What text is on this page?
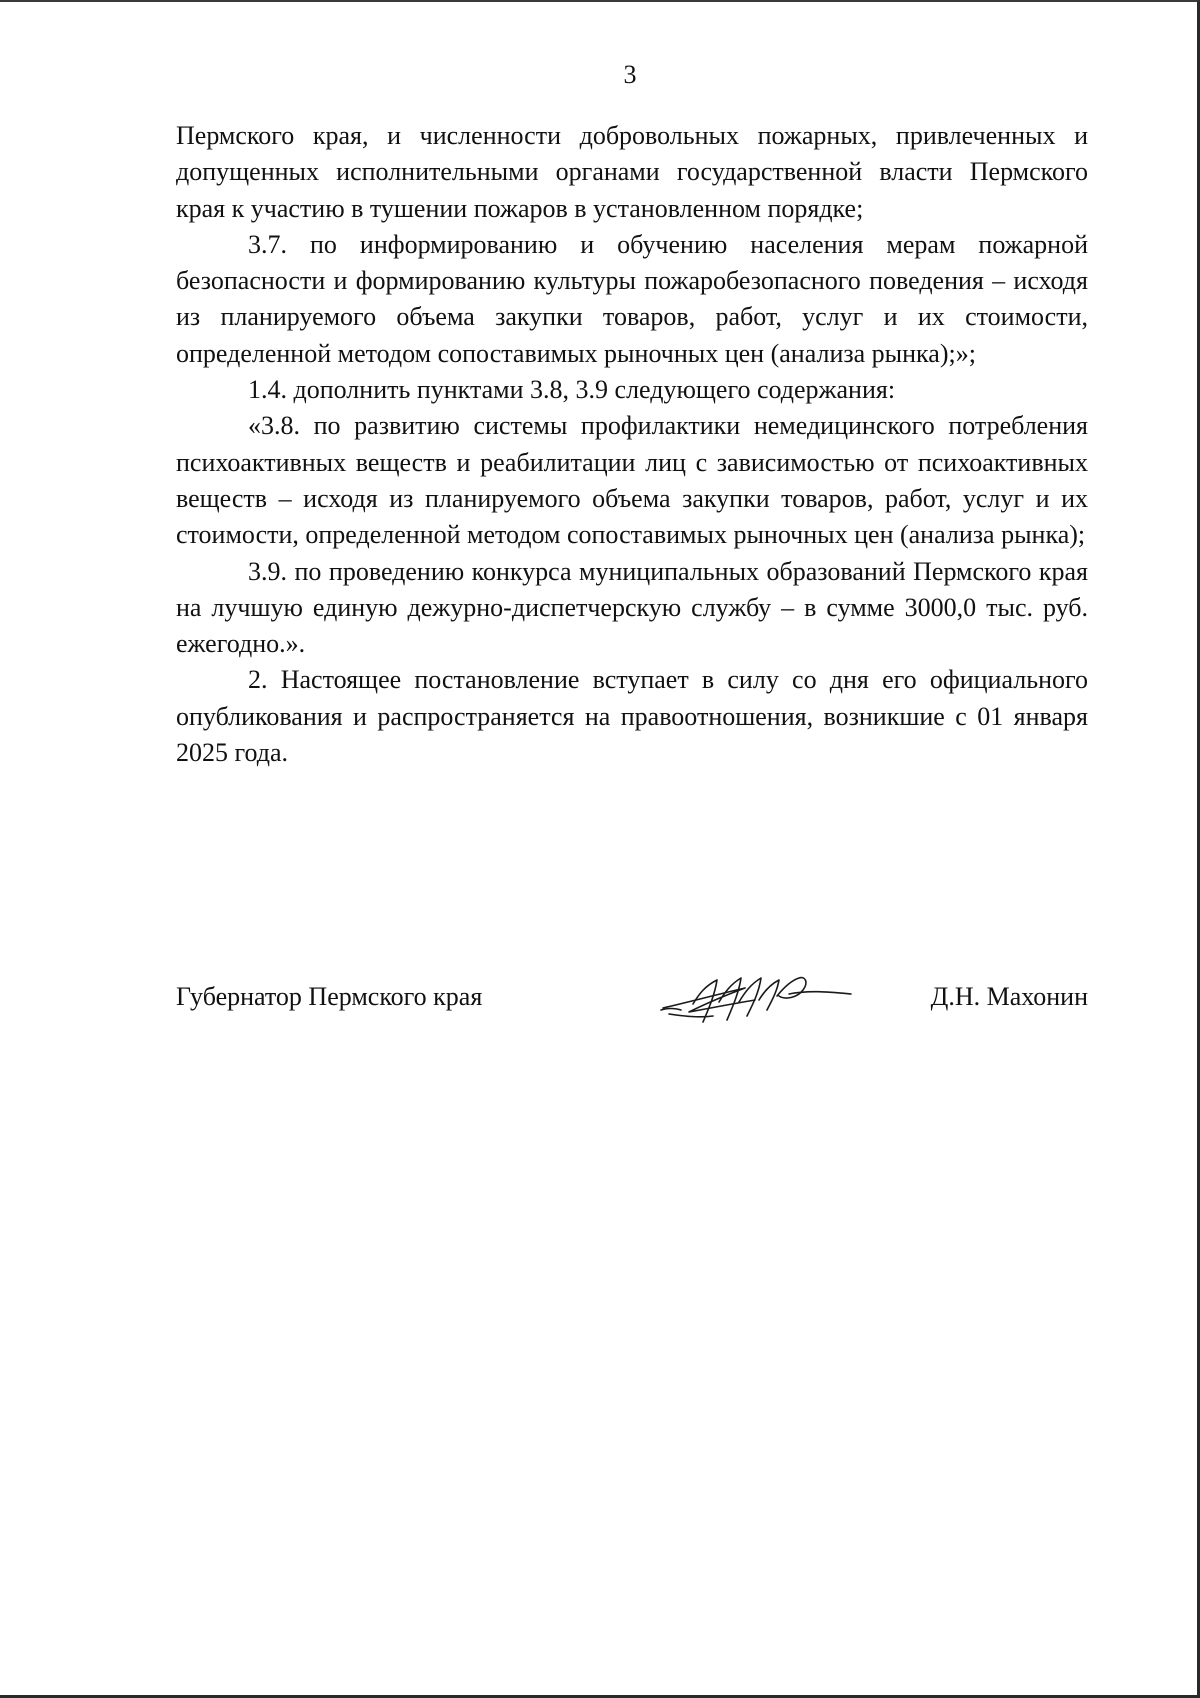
3

Пермского края, и численности добровольных пожарных, привлеченных и допущенных исполнительными органами государственной власти Пермского края к участию в тушении пожаров в установленном порядке;

3.7. по информированию и обучению населения мерам пожарной безопасности и формированию культуры пожаробезопасного поведения – исходя из планируемого объема закупки товаров, работ, услуг и их стоимости, определенной методом сопоставимых рыночных цен (анализа рынка);»;

1.4. дополнить пунктами 3.8, 3.9 следующего содержания:

«3.8. по развитию системы профилактики немедицинского потребления психоактивных веществ и реабилитации лиц с зависимостью от психоактивных веществ – исходя из планируемого объема закупки товаров, работ, услуг и их стоимости, определенной методом сопоставимых рыночных цен (анализа рынка);

3.9. по проведению конкурса муниципальных образований Пермского края на лучшую единую дежурно-диспетчерскую службу – в сумме 3000,0 тыс. руб. ежегодно.».

2. Настоящее постановление вступает в силу со дня его официального опубликования и распространяется на правоотношения, возникшие с 01 января 2025 года.

Губернатор Пермского края	Д.Н. Махонин
